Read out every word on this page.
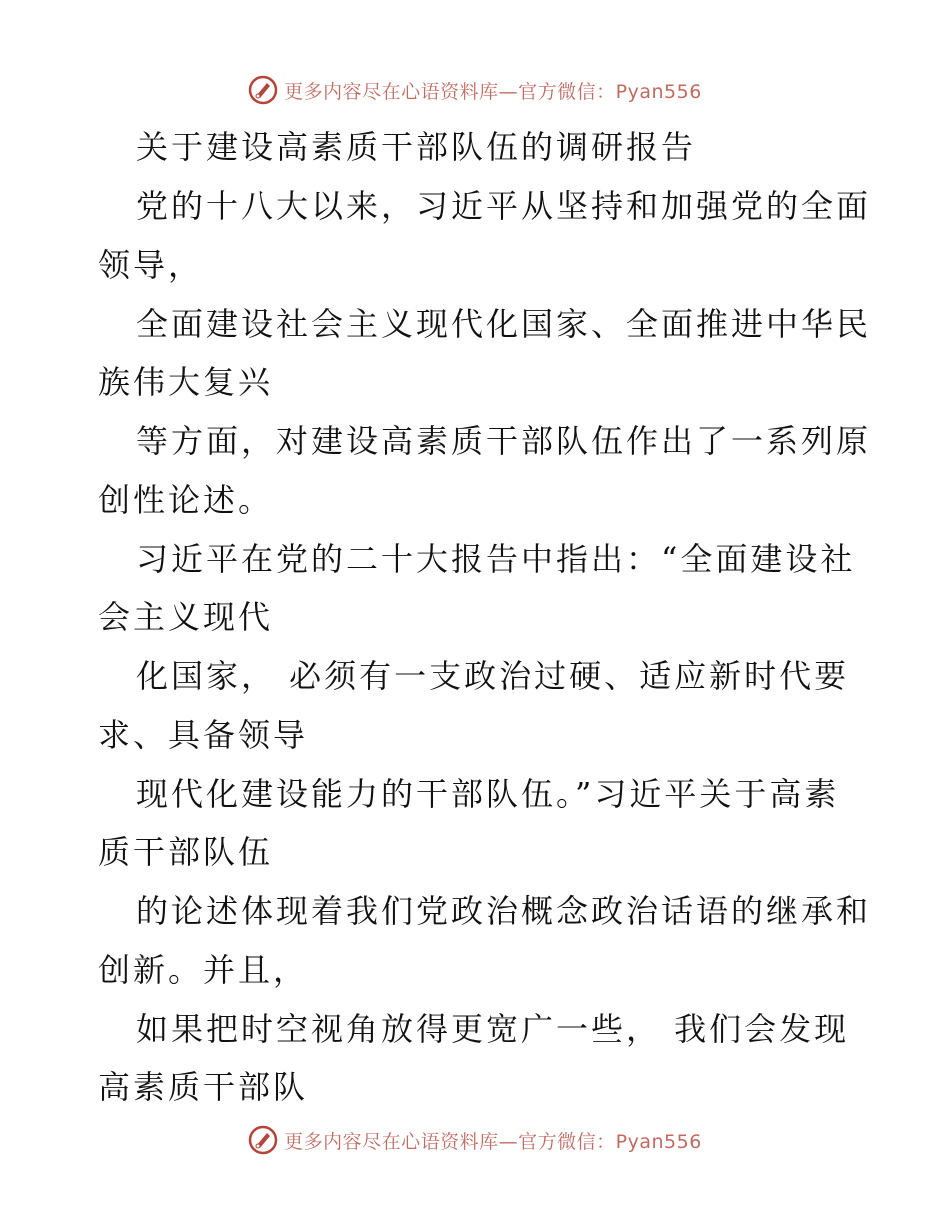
更多内容尽在心语资料库—官方微信：Pyan556
关于建设高素质干部队伍的调研报告
党的十八大以来，习近平从坚持和加强党的全面
领导，
全面建设社会主义现代化国家、全面推进中华民
族伟大复兴
等方面，对建设高素质干部队伍作出了一系列原
创性论述。
习近平在党的二十大报告中指出：“全面建设社
会主义现代
化国家， 必须有一支政治过硬、适应新时代要
求、具备领导
现代化建设能力的干部队伍。”习近平关于高素
质干部队伍
的论述体现着我们党政治概念政治话语的继承和
创新。并且，
如果把时空视角放得更宽广一些， 我们会发现
高素质干部队
更多内容尽在心语资料库—官方微信：Pyan556
